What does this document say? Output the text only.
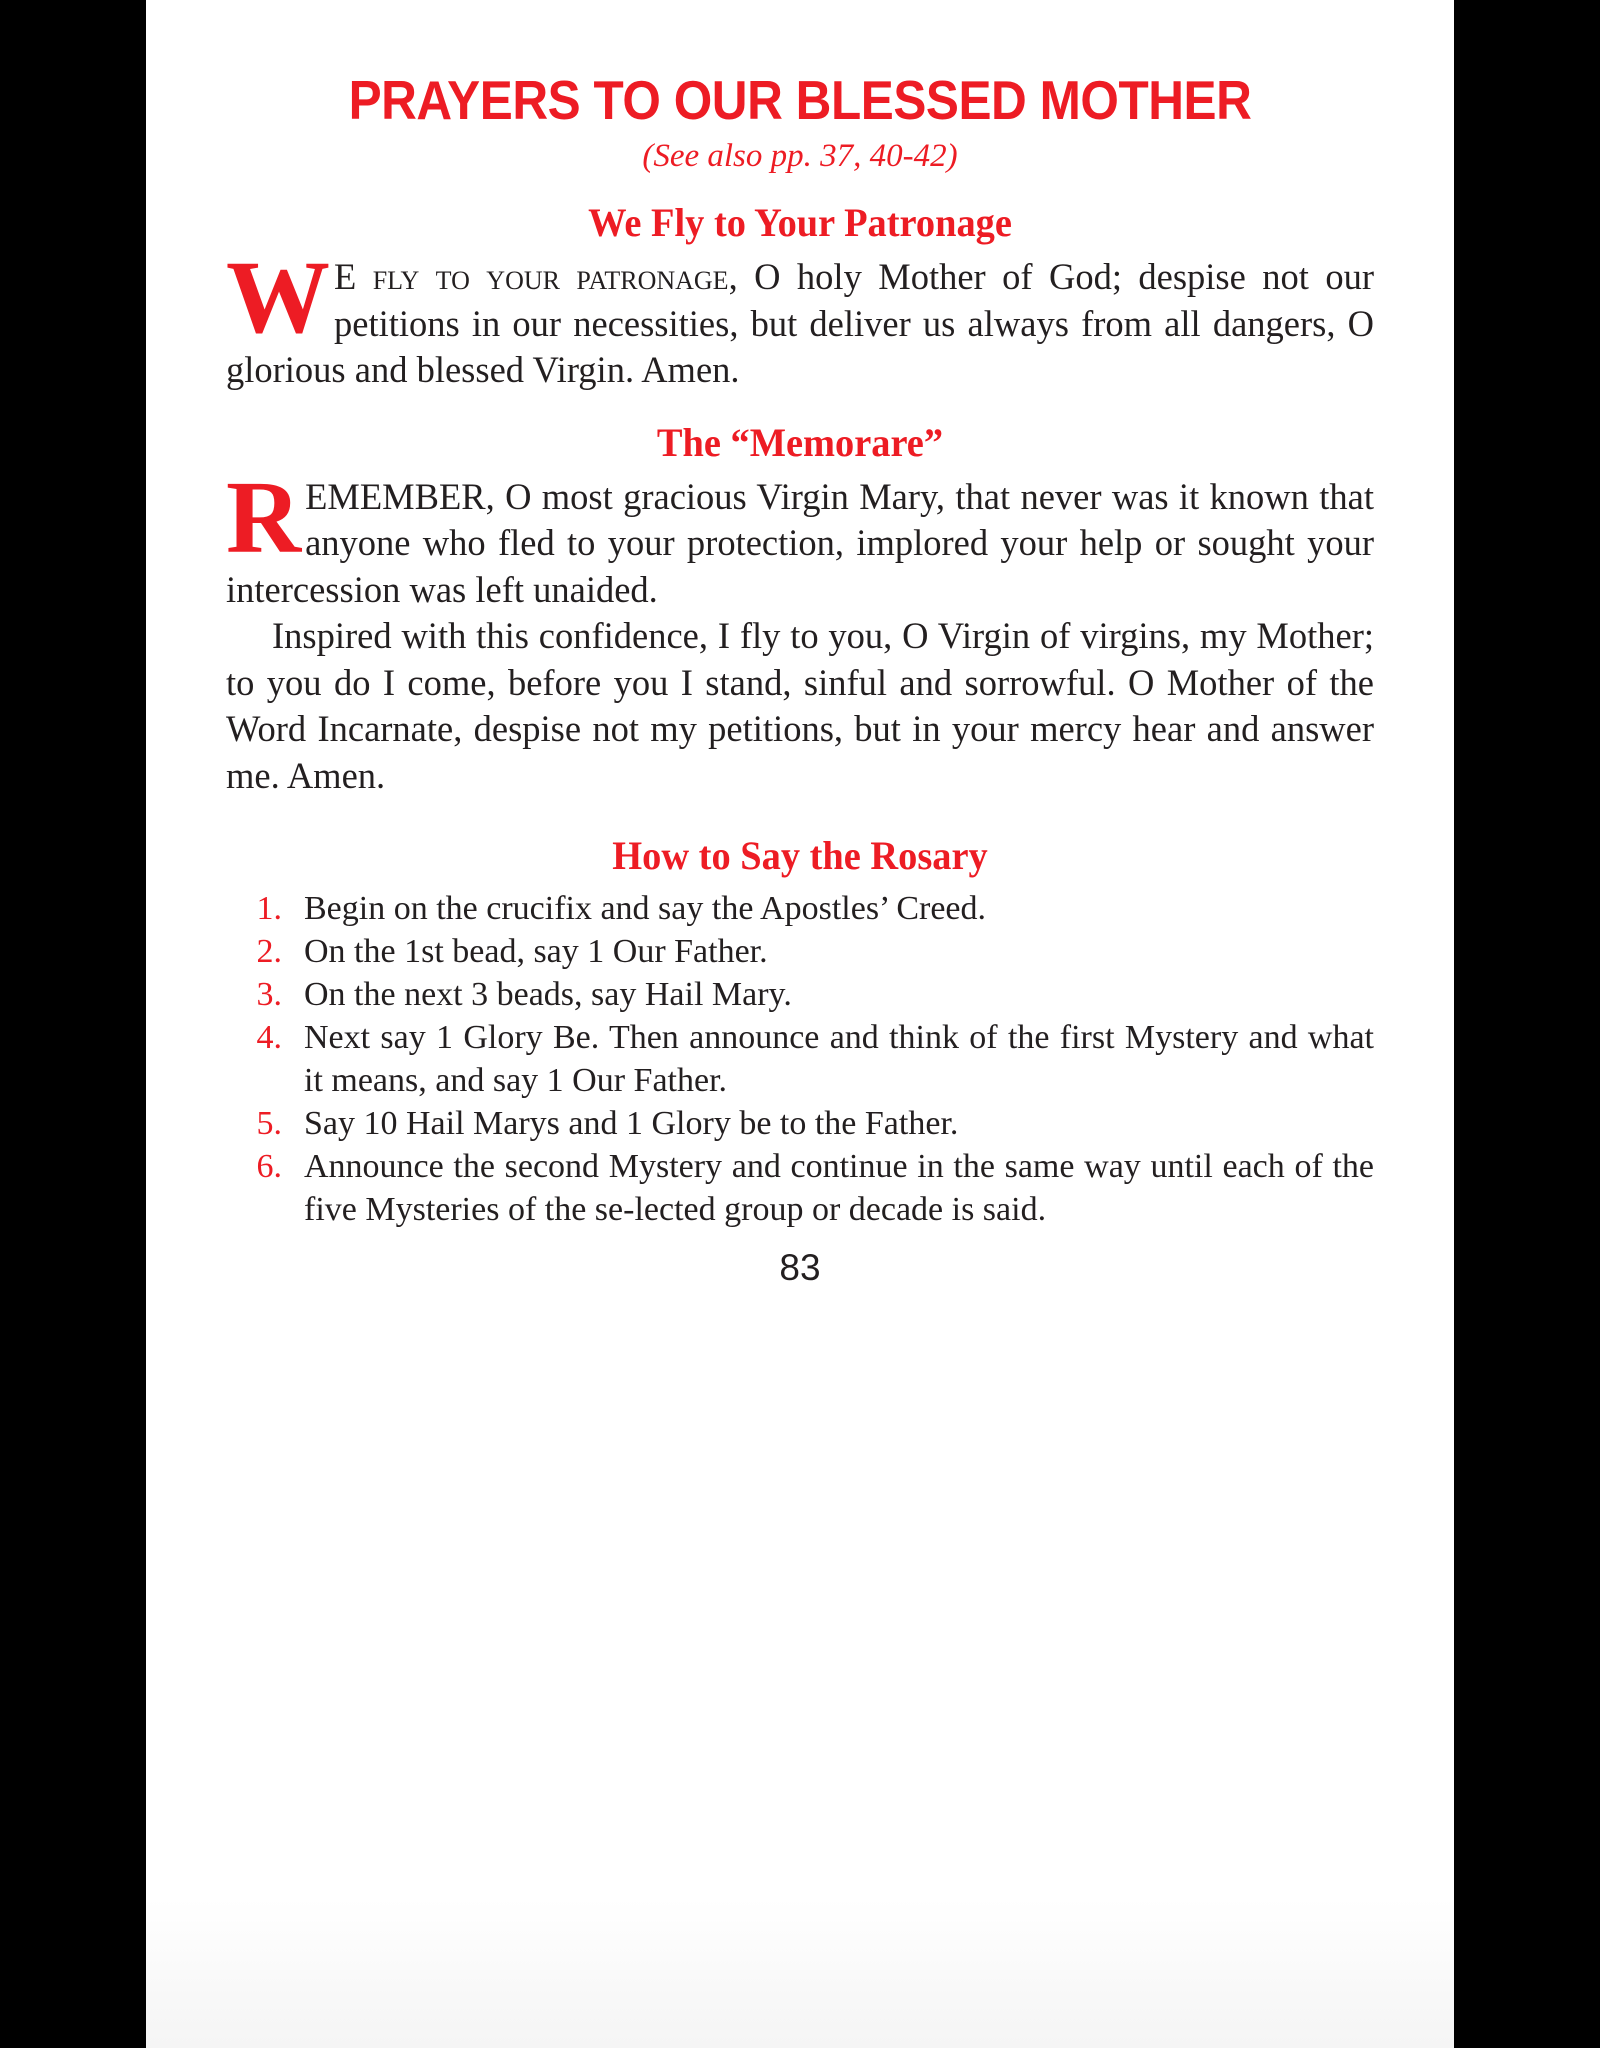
PRAYERS TO OUR BLESSED MOTHER

(See also pp. 37, 40-42)

We Fly to Your Patronage

W E fly to your patronage, O holy Mother of God; despise not our petitions in our necessities, but deliver us always from all dangers, O glorious and blessed Virgin. Amen.

The “Memorare”

REMEMBER, O most gracious Virgin Mary, that never was it known that anyone who fled to your protection, implored your help or sought your intercession was left unaided.

Inspired with this confidence, I fly to you, O Virgin of virgins, my Mother; to you do I come, before you I stand, sinful and sorrowful. O Mother of the Word Incarnate, despise not my petitions, but in your mercy hear and answer me. Amen.

How to Say the Rosary
1. Begin on the crucifix and say the Apostles’ Creed.
2. On the 1st bead, say 1 Our Father.
3. On the next 3 beads, say Hail Mary.
4. Next say 1 Glory Be. Then announce and think of the first Mystery and what it means, and say 1 Our Father.
5. Say 10 Hail Marys and 1 Glory be to the Father.
6. Announce the second Mystery and continue in the same way until each of the five Mysteries of the se-lected group or decade is said.
83
